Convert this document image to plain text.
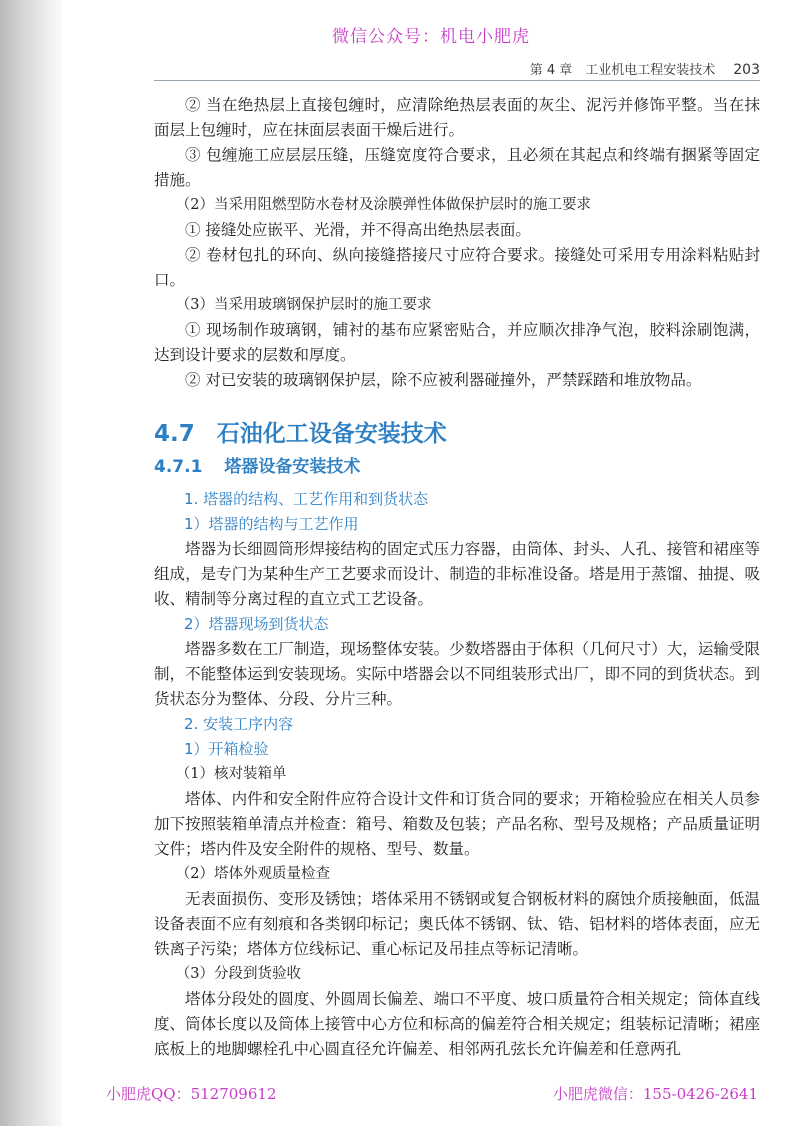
微信公众号：机电小肥虎
第 4 章　工业机电工程安装技术 203

② 当在绝热层上直接包缠时，应清除绝热层表面的灰尘、泥污并修饰平整。当在抹面层上包缠时，应在抹面层表面干燥后进行。

③ 包缠施工应层层压缝，压缝宽度符合要求，且必须在其起点和终端有捆紧等固定措施。

（2）当采用阻燃型防水卷材及涂膜弹性体做保护层时的施工要求

① 接缝处应嵌平、光滑，并不得高出绝热层表面。

② 卷材包扎的环向、纵向接缝搭接尺寸应符合要求。接缝处可采用专用涂料粘贴封口。

（3）当采用玻璃钢保护层时的施工要求

① 现场制作玻璃钢，铺衬的基布应紧密贴合，并应顺次排净气泡，胶料涂刷饱满，达到设计要求的层数和厚度。

② 对已安装的玻璃钢保护层，除不应被利器碰撞外，严禁踩踏和堆放物品。

4.7 石油化工设备安装技术
4.7.1 塔器设备安装技术

1. 塔器的结构、工艺作用和到货状态

1）塔器的结构与工艺作用

塔器为长细圆筒形焊接结构的固定式压力容器，由筒体、封头、人孔、接管和裙座等组成，是专门为某种生产工艺要求而设计、制造的非标准设备。塔是用于蒸馏、抽提、吸收、精制等分离过程的直立式工艺设备。

2）塔器现场到货状态

塔器多数在工厂制造，现场整体安装。少数塔器由于体积（几何尺寸）大，运输受限制，不能整体运到安装现场。实际中塔器会以不同组装形式出厂，即不同的到货状态。到货状态分为整体、分段、分片三种。

2. 安装工序内容

1）开箱检验

（1）核对装箱单

塔体、内件和安全附件应符合设计文件和订货合同的要求；开箱检验应在相关人员参加下按照装箱单清点并检查：箱号、箱数及包装；产品名称、型号及规格；产品质量证明文件；塔内件及安全附件的规格、型号、数量。

（2）塔体外观质量检查

无表面损伤、变形及锈蚀；塔体采用不锈钢或复合钢板材料的腐蚀介质接触面，低温设备表面不应有刻痕和各类钢印标记；奥氏体不锈钢、钛、锆、铝材料的塔体表面，应无铁离子污染；塔体方位线标记、重心标记及吊挂点等标记清晰。

（3）分段到货验收

塔体分段处的圆度、外圆周长偏差、端口不平度、坡口质量符合相关规定；筒体直线度、筒体长度以及筒体上接管中心方位和标高的偏差符合相关规定；组装标记清晰；裙座底板上的地脚螺栓孔中心圆直径允许偏差、相邻两孔弦长允许偏差和任意两孔

小肥虎QQ：512709612	小肥虎微信：155-0426-2641
